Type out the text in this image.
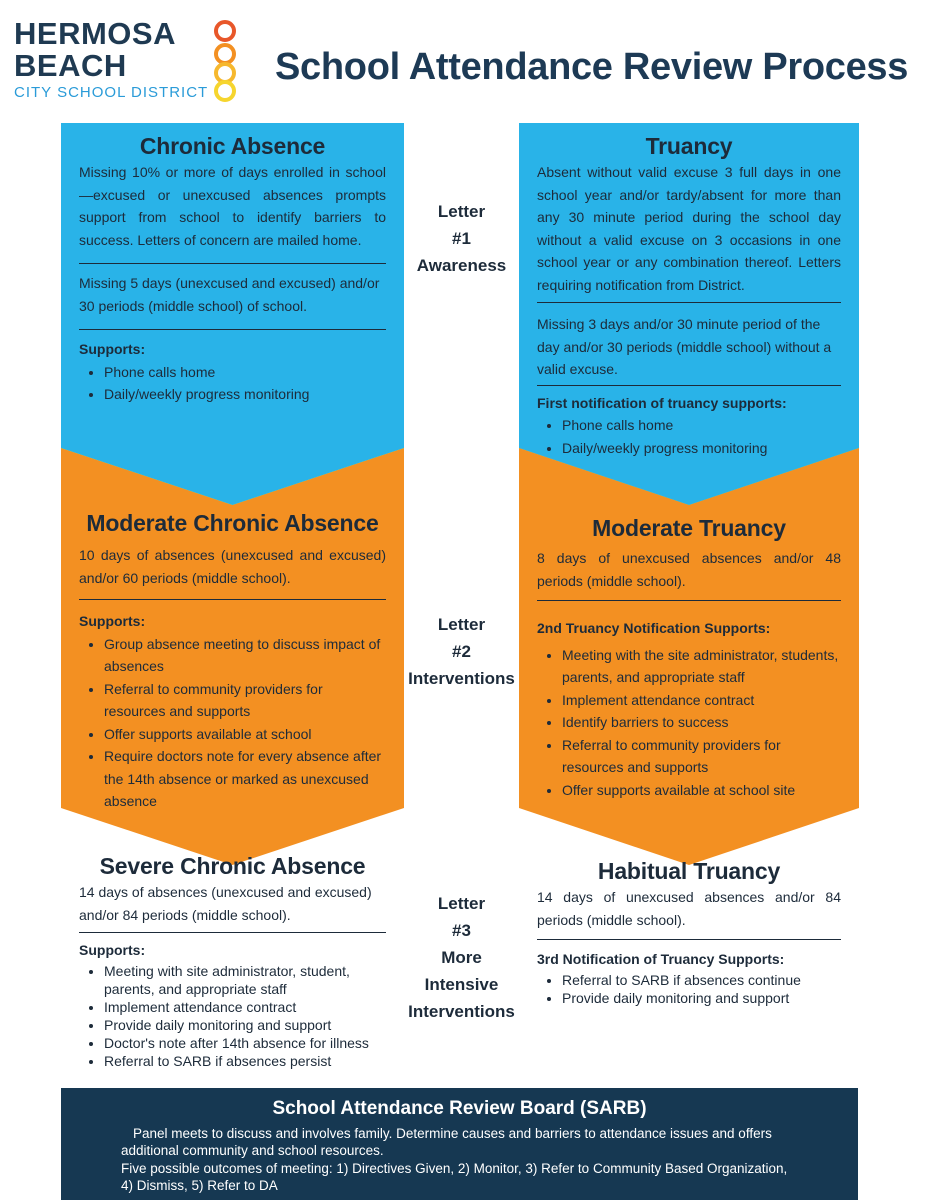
HERMOSA
BEACH
CITY SCHOOL DISTRICT
School Attendance Review Process
Chronic Absence

Missing 10% or more of days enrolled in school—excused or unexcused absences prompts support from school to identify barriers to success. Letters of concern are mailed home.

Missing 5 days (unexcused and excused) and/or 30 periods (middle school) of school.

Supports:
• Phone calls home
• Daily/weekly progress monitoring
Moderate Chronic Absence

10 days of absences (unexcused and excused) and/or 60 periods (middle school).

Supports:
• Group absence meeting to discuss impact of absences
• Referral to community providers for resources and supports
• Offer supports available at school
• Require doctors note for every absence after the 14th absence or marked as unexcused absence
Severe Chronic Absence

14 days of absences (unexcused and excused) and/or 84 periods (middle school).

Supports:
• Meeting with site administrator, student, parents, and appropriate staff
• Implement attendance contract
• Provide daily monitoring and support
• Doctor's note after 14th absence for illness
• Referral to SARB if absences persist
Truancy

Absent without valid excuse 3 full days in one school year and/or tardy/absent for more than any 30 minute period during the school day without a valid excuse on 3 occasions in one school year or any combination thereof. Letters requiring notification from District.

Missing 3 days and/or 30 minute period of the day and/or 30 periods (middle school) without a valid excuse.

First notification of truancy supports:
• Phone calls home
• Daily/weekly progress monitoring
Moderate Truancy

8 days of unexcused absences and/or 48 periods (middle school).

2nd Truancy Notification Supports:
• Meeting with the site administrator, students, parents, and appropriate staff
• Implement attendance contract
• Identify barriers to success
• Referral to community providers for resources and supports
• Offer supports available at school site
Habitual Truancy

14 days of unexcused absences and/or 84 periods (middle school).

3rd Notification of Truancy Supports:
• Referral to SARB if absences continue
• Provide daily monitoring and support
Letter
#1
Awareness
Letter
#2
Interventions
Letter
#3
More
Intensive
Interventions
School Attendance Review Board (SARB)
Panel meets to discuss and involves family. Determine causes and barriers to attendance issues and offers additional community and school resources.
Five possible outcomes of meeting: 1) Directives Given, 2) Monitor, 3) Refer to Community Based Organization, 4) Dismiss, 5) Refer to DA
